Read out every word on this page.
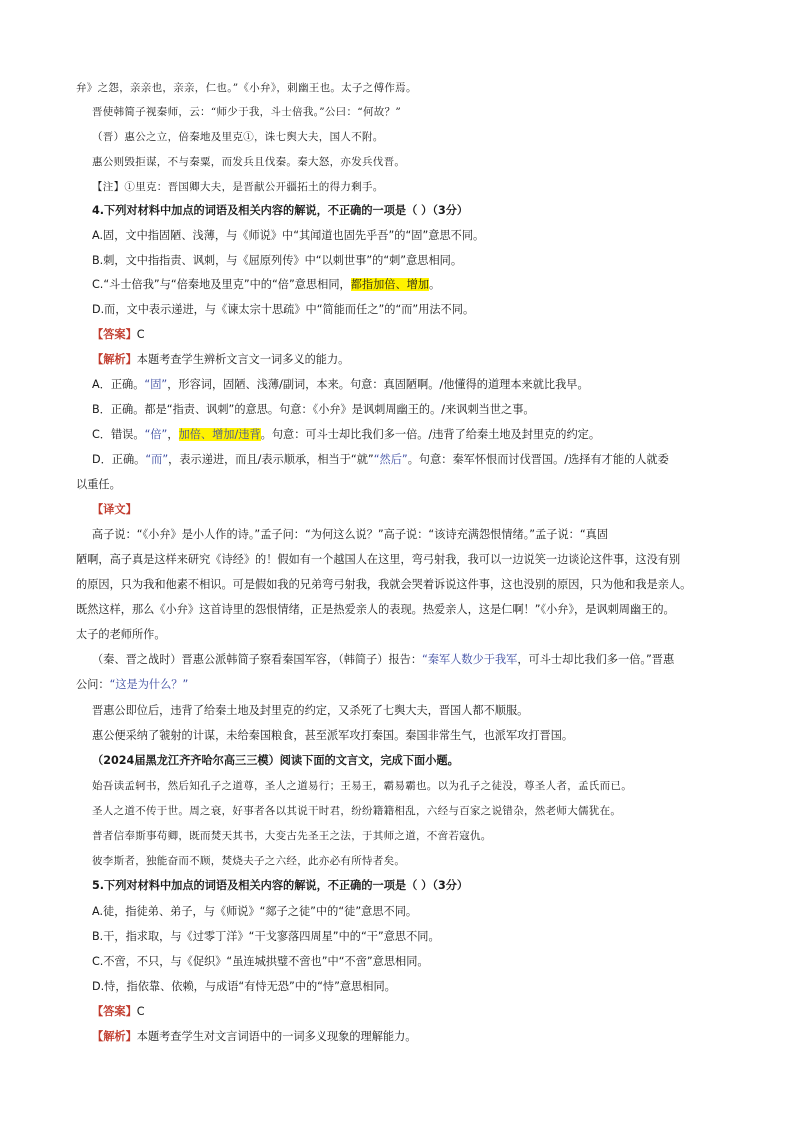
弁》之怨，亲亲也，亲亲，仁也。”《小弁》，刺幽王也。太子之傅作焉。
晋使韩简子视秦师，云：“师少于我，斗士倍我。”公曰：“何故？”
（晋）惠公之立，倍秦地及里克①，诛七舆大夫，国人不附。
惠公则毁拒谋，不与秦粟，而发兵且伐秦。秦大怒，亦发兵伐晋。
【注】①里克：晋国卿大夫，是晋献公开疆拓土的得力剩手。
4.下列对材料中加点的词语及相关内容的解说，不正确的一项是（ ）（3分）
A.固，文中指固陋、浅薄，与《师说》中“其闻道也固先乎吾”的“固”意思不同。
B.刺，文中指指责、讽刺，与《屈原列传》中“以刺世事”的“刺”意思相同。
C.“斗士倍我”与“倍秦地及里克”中的“倍”意思相同，都指加倍、增加。
D.而，文中表示递进，与《谏太宗十思疏》中“简能而任之”的“而”用法不同。
【答案】C
【解析】本题考查学生辨析文言文一词多义的能力。
A．正确。“固”，形容词，固陋、浅薄/副词，本来。句意：真固陋啊。/他懂得的道理本来就比我早。
B．正确。都是“指责、讽刺”的意思。句意：《小弁》是讽刺周幽王的。/来讽刺当世之事。
C．错误。“倍”，加倍、增加/违背。句意：可斗士却比我们多一倍。/违背了给秦土地及封里克的约定。
D．正确。“而”，表示递进，而且/表示顺承，相当于“就”“然后”。句意：秦军怀恨而讨伐晋国。/选择有才能的人就委
以重任。
【译文】
高子说：“《小弁》是小人作的诗。”孟子问：“为何这么说？”高子说：“该诗充满怨恨情绪。”孟子说：“真固
陋啊，高子真是这样来研究《诗经》的！假如有一个越国人在这里，弯弓射我，我可以一边说笑一边谈论这件事，这没有别
的原因，只为我和他素不相识。可是假如我的兄弟弯弓射我，我就会哭着诉说这件事，这也没别的原因，只为他和我是亲人。
既然这样，那么《小弁》这首诗里的怨恨情绪，正是热爱亲人的表现。热爱亲人，这是仁啊！”《小弁》，是讽刺周幽王的。
太子的老师所作。
（秦、晋之战时）晋惠公派韩简子察看秦国军容，（韩简子）报告：“秦军人数少于我军，可斗士却比我们多一倍。”晋惠
公问：“这是为什么？”
晋惠公即位后，违背了给秦土地及封里克的约定，又杀死了七舆大夫，晋国人都不顺服。
惠公便采纳了虢射的计谋，未给秦国粮食，甚至派军攻打秦国。秦国非常生气，也派军攻打晋国。
（2024届黑龙江齐齐哈尔高三三模）阅读下面的文言文，完成下面小题。
始吾读孟轲书，然后知孔子之道尊，圣人之道易行；王易王，霸易霸也。以为孔子之徒没，尊圣人者，孟氏而已。
圣人之道不传于世。周之衰，好事者各以其说干时君，纷纷籍籍相乱，六经与百家之说错杂，然老师大儒犹在。
普者信奉斯事苟卿，既而焚天其书，大变古先圣王之法，于其师之道，不啻若寇仇。
彼李斯者，独能奋而不顾，焚烧夫子之六经，此亦必有所恃者矣。
5.下列对材料中加点的词语及相关内容的解说，不正确的一项是（ ）（3分）
A.徒，指徒弟、弟子，与《师说》“郯子之徒”中的“徒”意思不同。
B.干，指求取，与《过零丁洋》“干戈寥落四周星”中的“干”意思不同。
C.不啻，不只，与《促织》“虽连城拱璧不啻也”中“不啻”意思相同。
D.恃，指依靠、依赖，与成语“有恃无恐”中的“恃”意思相同。
【答案】C
【解析】本题考查学生对文言词语中的一词多义现象的理解能力。
